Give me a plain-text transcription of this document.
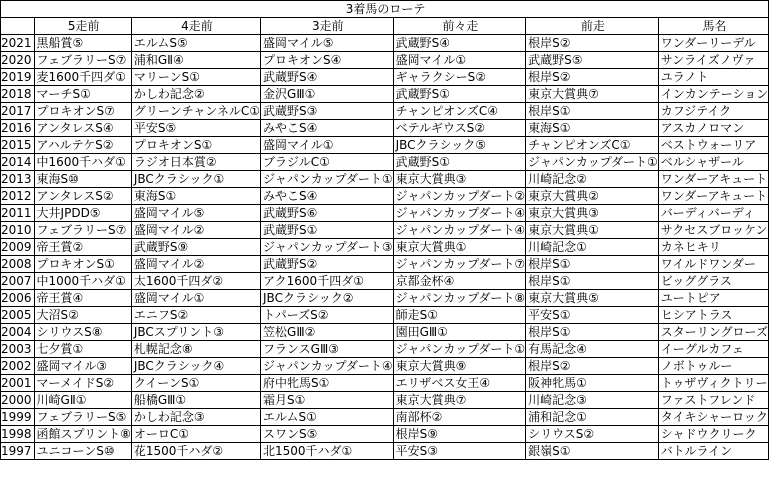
3着馬のローテ						
	5走前	4走前	3走前	前々走	前走	馬名
2021	黒船賞⑤	エルムS⑤	盛岡マイル⑤	武蔵野S④	根岸S②	ワンダーリーデル
2020	フェブラリーS⑦	浦和GⅡ④	プロキオンS④	盛岡マイル①	武蔵野S⑤	サンライズノヴァ
2019	麦1600千四ダ①	マリーンS①	武蔵野S④	ギャラクシーS②	根岸S②	ユラノト
2018	マーチS①	かしわ記念②	金沢GⅢ①	武蔵野S①	東京大賞典⑦	インカンテーション
2017	プロキオンS⑦	グリーンチャンネルC①	武蔵野S③	チャンピオンズC④	根岸S①	カフジテイク
2016	アンタレスS④	平安S⑤	みやこS④	ベテルギウスS②	東海S①	アスカノロマン
2015	アハルテケS②	プロキオンS①	盛岡マイル①	JBCクラシック⑤	チャンピオンズC①	ベストウォーリア
2014	中1600千ハダ①	ラジオ日本賞②	ブラジルC①	武蔵野S①	ジャパンカップダート①	ベルシャザール
2013	東海S⑩	JBCクラシック①	ジャパンカップダート①	東京大賞典③	川崎記念②	ワンダーアキュート
2012	アンタレスS②	東海S①	みやこS④	ジャパンカップダート②	東京大賞典②	ワンダーアキュート
2011	大井JPDD⑤	盛岡マイル⑤	武蔵野S⑥	ジャパンカップダート④	東京大賞典③	バーディバーディ
2010	フェブラリーS⑦	盛岡マイル②	武蔵野S①	ジャパンカップダート④	東京大賞典①	サクセスブロッケン
2009	帝王賞②	武蔵野S⑨	ジャパンカップダート③	東京大賞典①	川崎記念①	カネヒキリ
2008	プロキオンS①	盛岡マイル②	武蔵野S②	ジャパンカップダート⑦	根岸S①	ワイルドワンダー
2007	中1000千ハダ①	太1600千四ダ②	アク1600千四ダ①	京都金杯④	根岸S①	ビッググラス
2006	帝王賞④	盛岡マイル①	JBCクラシック②	ジャパンカップダート⑧	東京大賞典⑤	ユートピア
2005	大沼S②	エニフS②	トパーズS②	師走S①	平安S①	ヒシアトラス
2004	シリウスS⑧	JBCスプリント③	笠松GⅢ②	園田GⅢ①	根岸S①	スターリングローズ
2003	七夕賞①	札幌記念⑧	フランスGⅢ③	ジャパンカップダート①	有馬記念④	イーグルカフェ
2002	盛岡マイル③	JBCクラシック④	ジャパンカップダート④	東京大賞典⑨	根岸S②	ノボトゥルー
2001	マーメイドS②	クイーンS①	府中牝馬S①	エリザベス女王④	阪神牝馬①	トゥザヴィクトリー
2000	川崎GⅡ①	船橋GⅢ①	霜月S①	東京大賞典⑦	川崎記念③	ファストフレンド
1999	フェブラリーS⑤	かしわ記念③	エルムS①	南部杯②	浦和記念①	タイキシャーロック
1998	函館スプリント⑧	オーロC①	スワンS⑤	根岸S⑨	シリウスS②	シャドウクリーク
1997	ユニコーンS⑩	花1500千ハダ②	北1500千ハダ①	平安S③	銀嶺S①	バトルライン
